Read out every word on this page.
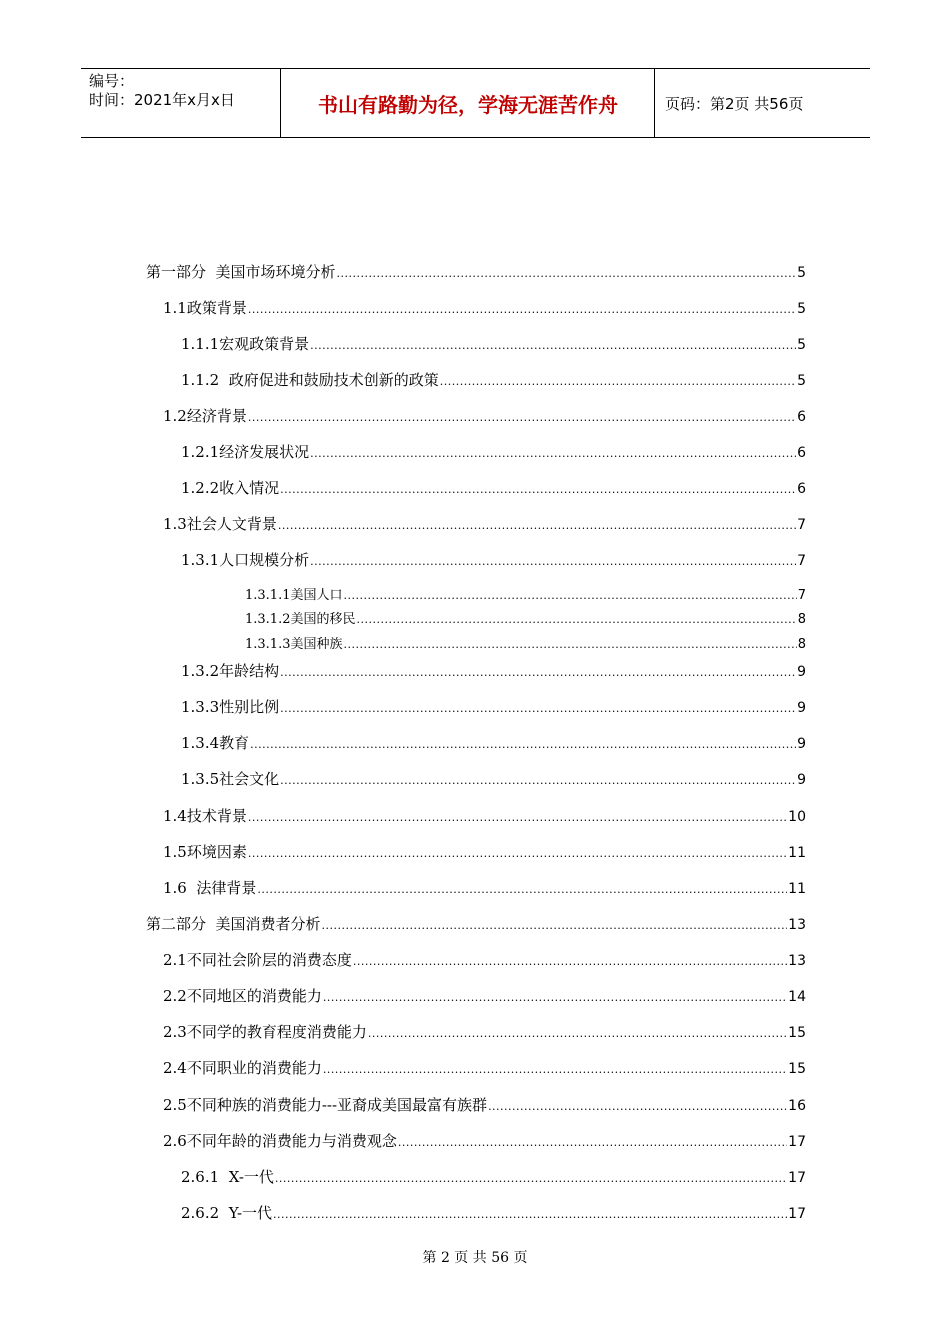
编号：
时间：2021年x月x日	书山有路勤为径，学海无涯苦作舟	页码：第2页 共56页
第一部分  美国市场环境分析 .....	5
1.1政策背景 .....	5
1.1.1宏观政策背景 .....	5
1.1.2  政府促进和鼓励技术创新的政策 .....	5
1.2经济背景 .....	6
1.2.1经济发展状况 .....	6
1.2.2收入情况 .....	6
1.3社会人文背景 .....	7
1.3.1人口规模分析 .....	7
1.3.1.1美国人口 .....	7
1.3.1.2美国的移民 .....	8
1.3.1.3美国种族 .....	8
1.3.2年龄结构 .....	9
1.3.3性别比例 .....	9
1.3.4教育 .....	9
1.3.5社会文化 .....	9
1.4技术背景 .....	10
1.5环境因素 .....	11
1.6  法律背景 .....	11
第二部分  美国消费者分析 .....	13
2.1不同社会阶层的消费态度 .....	13
2.2不同地区的消费能力 .....	14
2.3不同学的教育程度消费能力 .....	15
2.4不同职业的消费能力 .....	15
2.5不同种族的消费能力---亚裔成美国最富有族群 .....	16
2.6不同年龄的消费能力与消费观念 .....	17
2.6.1  X-一代 .....	17
2.6.2  Y-一代 .....	17
第 2 页 共 56 页
